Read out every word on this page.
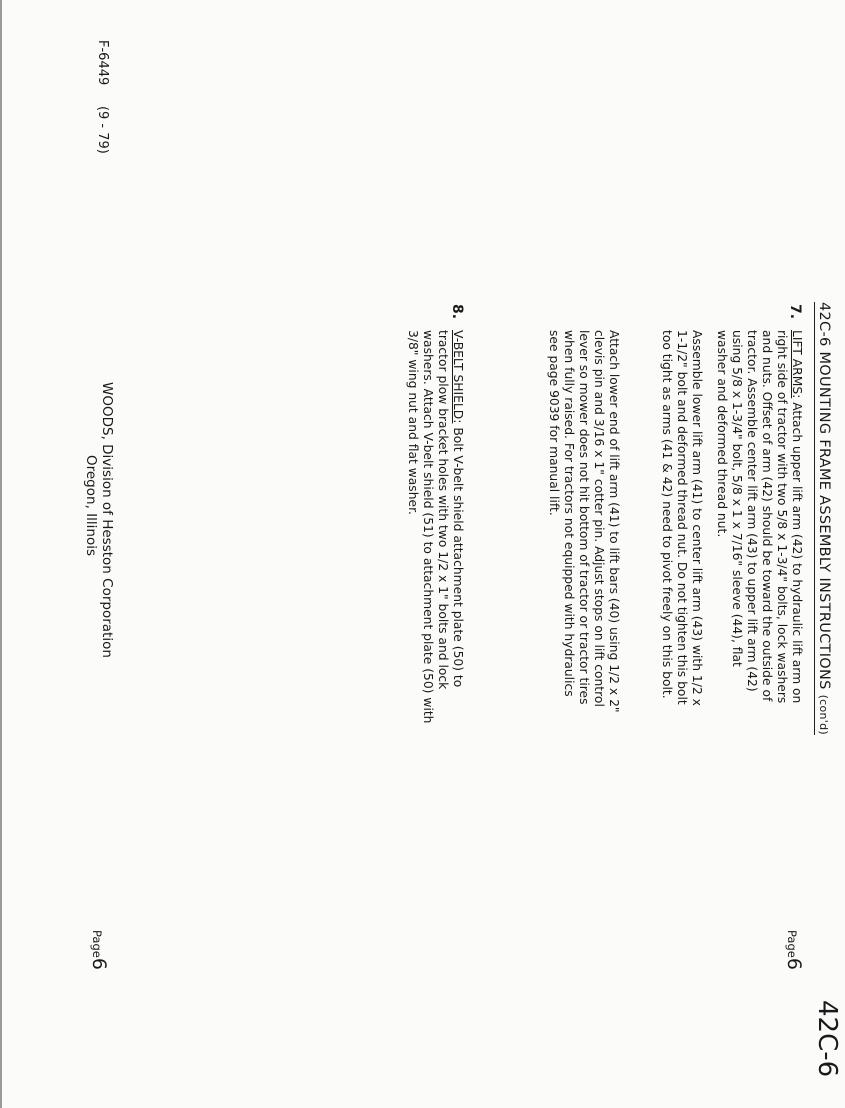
42C-6 MOUNTING FRAME ASSEMBLY INSTRUCTIONS (con'd)
Page6
42C-6
7.

LIFT ARMS: Attach upper lift arm (42) to hydraulic lift arm on right side of tractor with two 5/8 x 1-3/4" bolts, lock washers and nuts. Offset of arm (42) should be toward the outside of tractor. Assemble center lift arm (43) to upper lift arm (42) using 5/8 x 1-3/4" bolt, 5/8 x 1 x 7/16" sleeve (44), flat washer and deformed thread nut.

Assemble lower lift arm (41) to center lift arm (43) with 1/2 x 1-1/2" bolt and deformed thread nut. Do not tighten this bolt too tight as arms (41 & 42) need to pivot freely on this bolt.

Attach lower end of lift arm (41) to lift bars (40) using 1/2 x 2" clevis pin and 3/16 x 1" cotter pin. Adjust stops on lift control lever so mower does not hit bottom of tractor or tractor tires when fully raised. For tractors not equipped with hydraulics see page 9039 for manual lift.

8.

V-BELT SHIELD: Bolt V-belt shield attachment plate (50) to tractor plow bracket holes with two 1/2 x 1" bolts and lock washers. Attach V-belt shield (51) to attachment plate (50) with 3/8" wing nut and flat washer.

WOODS, Division of Hesston Corporation
Oregon, Illinois
F-6449     (9 - 79)
Page6
